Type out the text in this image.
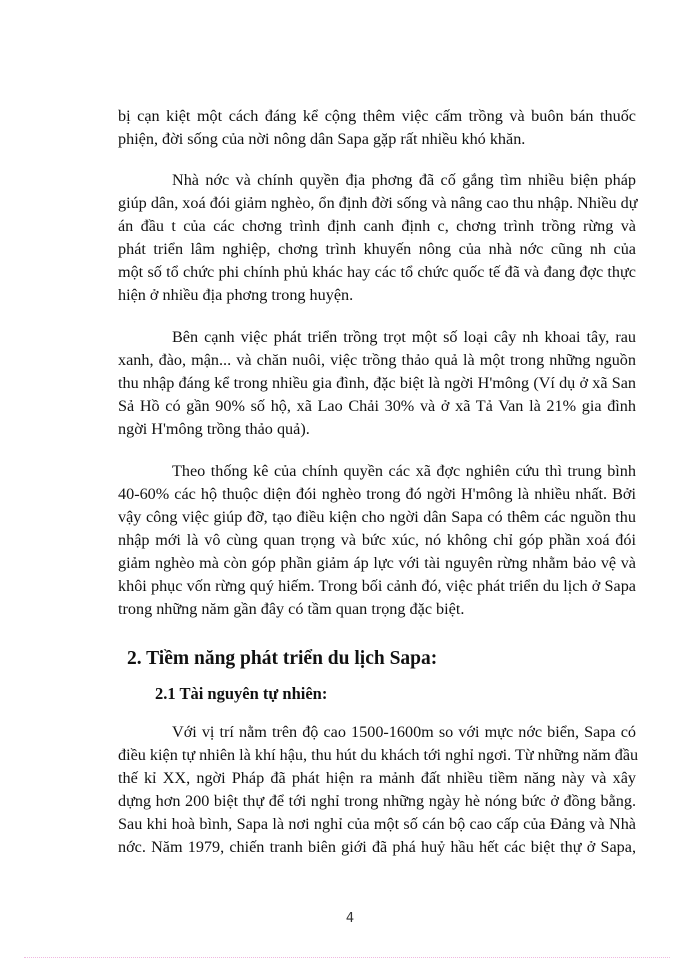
bị cạn kiệt một cách đáng kể cộng thêm việc cấm trồng và buôn bán thuốc
phiện, đời sống của nời nông dân Sapa gặp rất nhiều khó khăn.
Nhà nớc và chính quyền địa phơng đã cố gắng tìm nhiều biện pháp
giúp dân, xoá đói giảm nghèo, ổn định đời sống và nâng cao thu nhập. Nhiều dự
án đầu t của các chơng trình định canh định c, chơng trình trồng rừng và
phát triển lâm nghiệp, chơng trình khuyến nông của nhà nớc cũng nh của
một số tổ chức phi chính phủ khác hay các tổ chức quốc tế đã và đang đợc thực
hiện ở nhiều địa phơng trong huyện.
Bên cạnh việc phát triển trồng trọt một số loại cây nh khoai tây, rau
xanh, đào, mận... và chăn nuôi, việc trồng thảo quả là một trong những nguồn
thu nhập đáng kể trong nhiều gia đình, đặc biệt là ngời H'mông (Ví dụ ở xã San
Sả Hồ có gần 90% số hộ, xã Lao Chải 30% và ở xã Tả Van là 21% gia đình
ngời H'mông trồng thảo quả).
Theo thống kê của chính quyền các xã đợc nghiên cứu thì trung bình
40-60% các hộ thuộc diện đói nghèo trong đó ngời H'mông là nhiều nhất. Bởi
vậy công việc giúp đỡ, tạo điều kiện cho ngời dân Sapa có thêm các nguồn thu
nhập mới là vô cùng quan trọng và bức xúc, nó không chỉ góp phần xoá đói
giảm nghèo mà còn góp phần giảm áp lực với tài nguyên rừng nhằm bảo vệ và
khôi phục vốn rừng quý hiếm. Trong bối cảnh đó, việc phát triển du lịch ở Sapa
trong những năm gần đây có tầm quan trọng đặc biệt.
2. Tiềm năng phát triển du lịch Sapa:
2.1 Tài nguyên tự nhiên:
Với vị trí nằm trên độ cao 1500-1600m so với mực nớc biển, Sapa có
điều kiện tự nhiên là khí hậu, thu hút du khách tới nghỉ ngơi. Từ những năm đầu
thế kỉ XX, ngời Pháp đã phát hiện ra mảnh đất nhiều tiềm năng này và xây
dựng hơn 200 biệt thự để tới nghỉ trong những ngày hè nóng bức ở đồng bằng.
Sau khi hoà bình, Sapa là nơi nghỉ của một số cán bộ cao cấp của Đảng và Nhà
nớc. Năm 1979, chiến tranh biên giới đã phá huỷ hầu hết các biệt thự ở Sapa,
4
